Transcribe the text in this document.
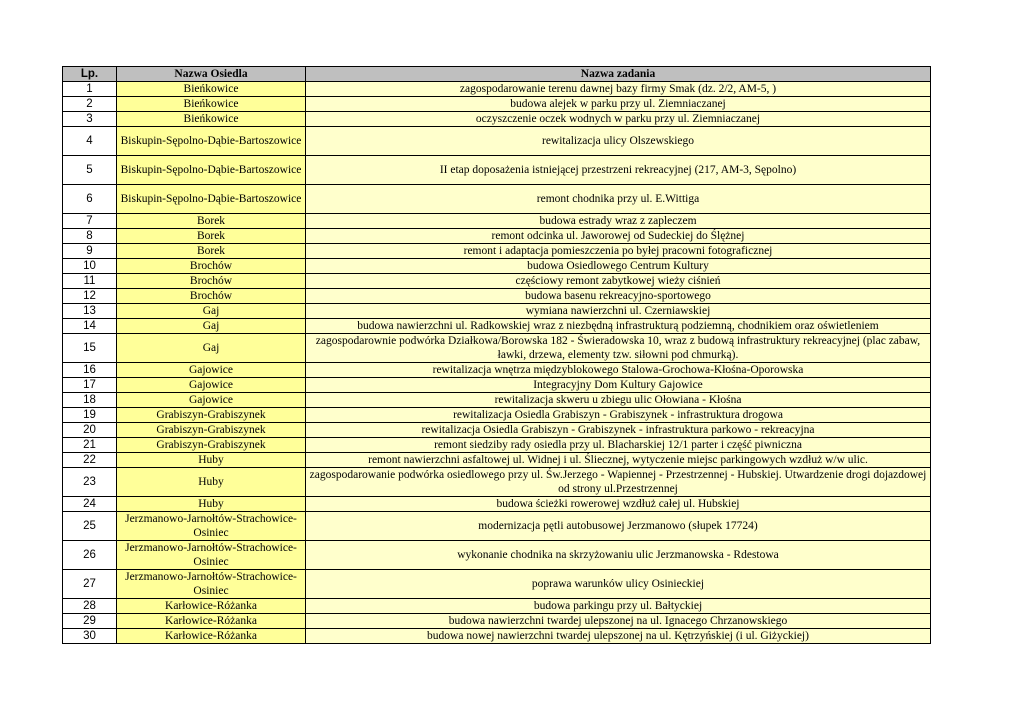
Lp.	Nazwa Osiedla	Nazwa zadania
1	Bieńkowice	zagospodarowanie terenu dawnej bazy firmy Smak (dz. 2/2, AM-5, )
2	Bieńkowice	budowa alejek w parku przy ul. Ziemniaczanej
3	Bieńkowice	oczyszczenie oczek wodnych w parku przy ul. Ziemniaczanej
4	Biskupin-Sępolno-Dąbie-Bartoszowice	rewitalizacja ulicy Olszewskiego
5	Biskupin-Sępolno-Dąbie-Bartoszowice	II etap doposażenia istniejącej przestrzeni rekreacyjnej (217, AM-3, Sępolno)
6	Biskupin-Sępolno-Dąbie-Bartoszowice	remont chodnika przy ul. E.Wittiga
7	Borek	budowa estrady wraz z zapleczem
8	Borek	remont odcinka ul. Jaworowej od Sudeckiej do Ślężnej
9	Borek	remont i adaptacja pomieszczenia po byłej pracowni fotograficznej
10	Brochów	budowa Osiedlowego Centrum Kultury
11	Brochów	częściowy remont zabytkowej wieży ciśnień
12	Brochów	budowa basenu rekreacyjno-sportowego
13	Gaj	wymiana nawierzchni ul. Czerniawskiej
14	Gaj	budowa nawierzchni ul. Radkowskiej wraz z niezbędną infrastrukturą podziemną, chodnikiem oraz oświetleniem
15	Gaj	zagospodarownie podwórka Działkowa/Borowska 182 - Świeradowska 10, wraz z budową infrastruktury rekreacyjnej (plac zabaw, ławki, drzewa, elementy tzw. siłowni pod chmurką).
16	Gajowice	rewitalizacja wnętrza międzyblokowego Stalowa-Grochowa-Kłośna-Oporowska
17	Gajowice	Integracyjny Dom Kultury Gajowice
18	Gajowice	rewitalizacja skweru u zbiegu ulic Ołowiana - Kłośna
19	Grabiszyn-Grabiszynek	rewitalizacja Osiedla Grabiszyn - Grabiszynek - infrastruktura drogowa
20	Grabiszyn-Grabiszynek	rewitalizacja Osiedla Grabiszyn - Grabiszynek - infrastruktura parkowo - rekreacyjna
21	Grabiszyn-Grabiszynek	remont siedziby rady osiedla przy ul. Blacharskiej 12/1 parter i część piwniczna
22	Huby	remont nawierzchni asfaltowej ul. Widnej i ul. Śliecznej, wytyczenie miejsc parkingowych wzdłuż w/w ulic.
23	Huby	zagospodarowanie podwórka osiedlowego przy ul. Św.Jerzego - Wapiennej - Przestrzennej - Hubskiej. Utwardzenie drogi dojazdowej od strony ul.Przestrzennej
24	Huby	budowa ścieżki rowerowej wzdłuż całej ul. Hubskiej
25	Jerzmanowo-Jarnołtów-Strachowice-Osiniec	modernizacja pętli autobusowej Jerzmanowo (słupek 17724)
26	Jerzmanowo-Jarnołtów-Strachowice-Osiniec	wykonanie chodnika na skrzyżowaniu ulic Jerzmanowska - Rdestowa
27	Jerzmanowo-Jarnołtów-Strachowice-Osiniec	poprawa warunków ulicy Osinieckiej
28	Karłowice-Różanka	budowa parkingu przy ul. Bałtyckiej
29	Karłowice-Różanka	budowa nawierzchni twardej ulepszonej na ul. Ignacego Chrzanowskiego
30	Karłowice-Różanka	budowa nowej nawierzchni twardej ulepszonej na ul. Kętrzyńskiej (i ul. Giżyckiej)
